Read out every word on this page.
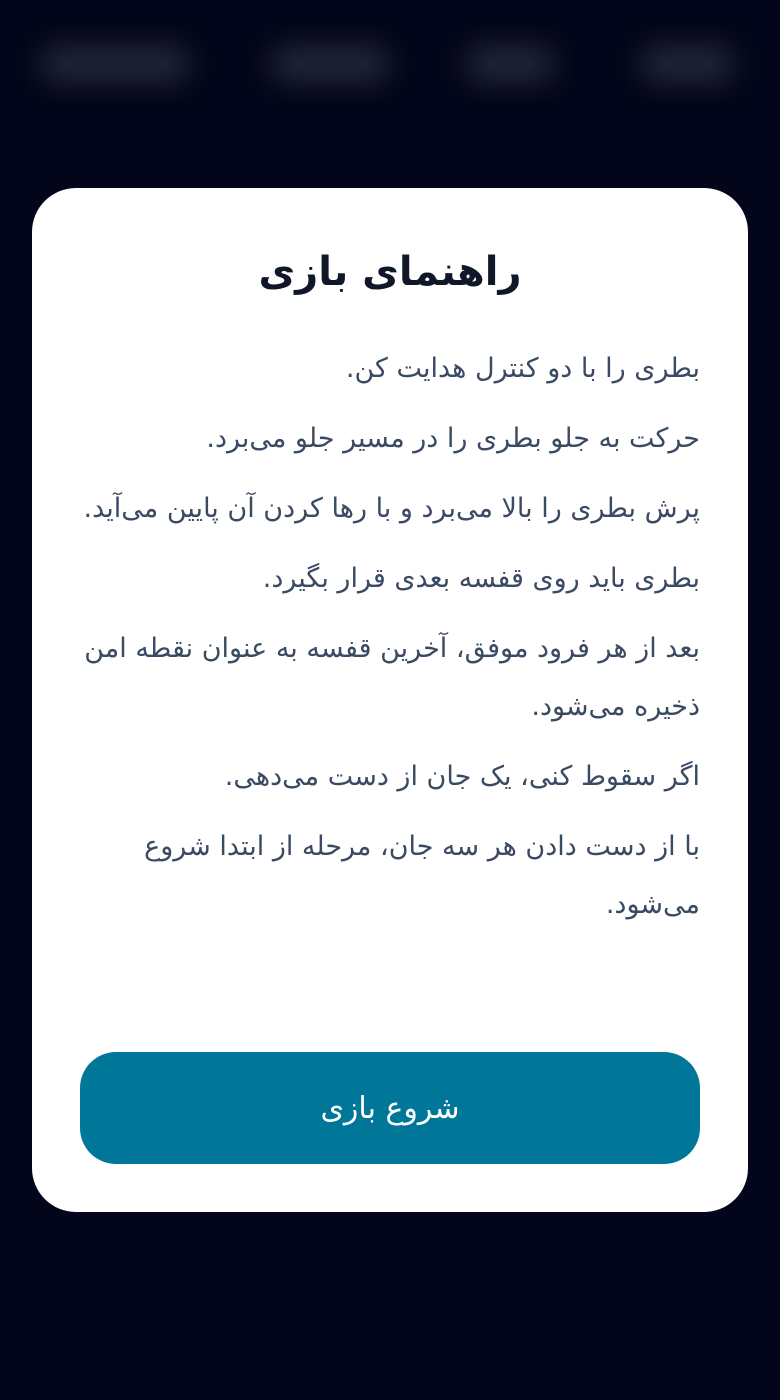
راهنمای بازی
بطری را با دو کنترل هدایت کن.
حرکت به جلو بطری را در مسیر جلو می‌برد.
پرش بطری را بالا می‌برد و با رها کردن آن پایین می‌آید.
بطری باید روی قفسه بعدی قرار بگیرد.
بعد از هر فرود موفق، آخرین قفسه به عنوان نقطه امن ذخیره می‌شود.
اگر سقوط کنی، یک جان از دست می‌دهی.
با از دست دادن هر سه جان، مرحله از ابتدا شروع می‌شود.
شروع بازی
